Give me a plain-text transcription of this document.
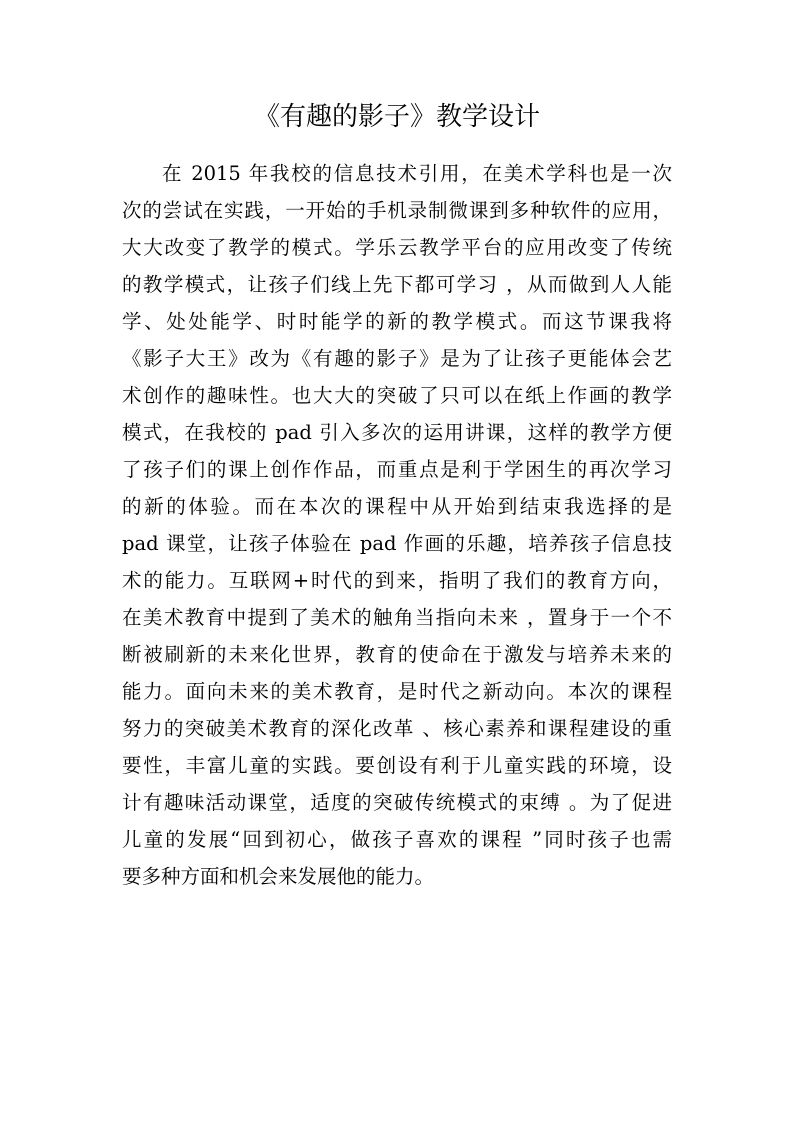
《有趣的影子》教学设计
在 2015 年我校的信息技术引用，在美术学科也是一次
次的尝试在实践，一开始的手机录制微课到多种软件的应用，
大大改变了教学的模式。学乐云教学平台的应用改变了传统
的教学模式，让孩子们线上先下都可学习 ，从而做到人人能
学、处处能学、时时能学的新的教学模式。而这节课我将
《影子大王》改为《有趣的影子》是为了让孩子更能体会艺
术创作的趣味性。也大大的突破了只可以在纸上作画的教学
模式，在我校的 pad 引入多次的运用讲课，这样的教学方便
了孩子们的课上创作作品，而重点是利于学困生的再次学习
的新的体验。而在本次的课程中从开始到结束我选择的是
pad 课堂，让孩子体验在 pad 作画的乐趣，培养孩子信息技
术的能力。互联网+时代的到来，指明了我们的教育方向，
在美术教育中提到了美术的触角当指向未来 ，置身于一个不
断被刷新的未来化世界，教育的使命在于激发与培养未来的
能力。面向未来的美术教育，是时代之新动向。本次的课程
努力的突破美术教育的深化改革 、核心素养和课程建设的重
要性，丰富儿童的实践。要创设有利于儿童实践的环境，设
计有趣味活动课堂，适度的突破传统模式的束缚 。为了促进
儿童的发展“回到初心，做孩子喜欢的课程 ”同时孩子也需
要多种方面和机会来发展他的能力。
